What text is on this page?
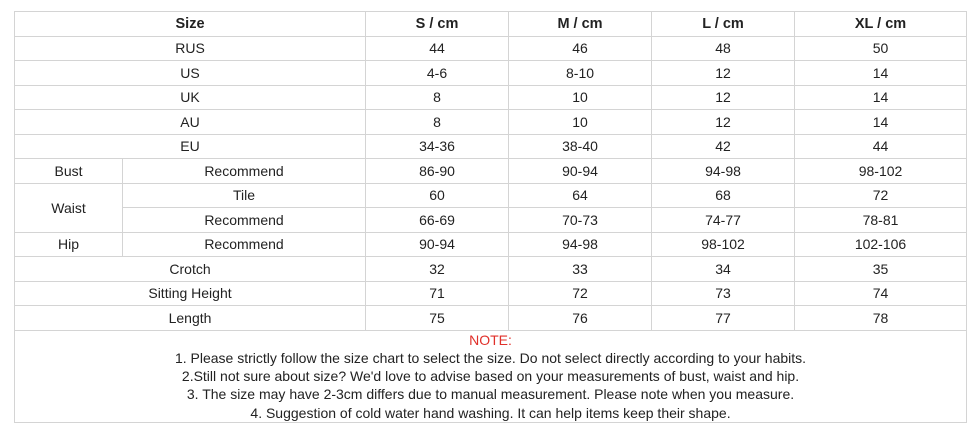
Size		S / cm	M / cm	L / cm	XL / cm
RUS		44	46	48	50
US		4-6	8-10	12	14
UK		8	10	12	14
AU		8	10	12	14
EU		34-36	38-40	42	44
Bust	Recommend	86-90	90-94	94-98	98-102
Waist	Tile	60	64	68	72
	Recommend	66-69	70-73	74-77	78-81
Hip	Recommend	90-94	94-98	98-102	102-106
Crotch		32	33	34	35
Sitting Height		71	72	73	74
Length		75	76	77	78

NOTE:
1. Please strictly follow the size chart to select the size. Do not select directly according to your habits.
2.Still not sure about size? We'd love to advise based on your measurements of bust, waist and hip.
3. The size may have 2-3cm differs due to manual measurement. Please note when you measure.
4. Suggestion of cold water hand washing. It can help items keep their shape.					
